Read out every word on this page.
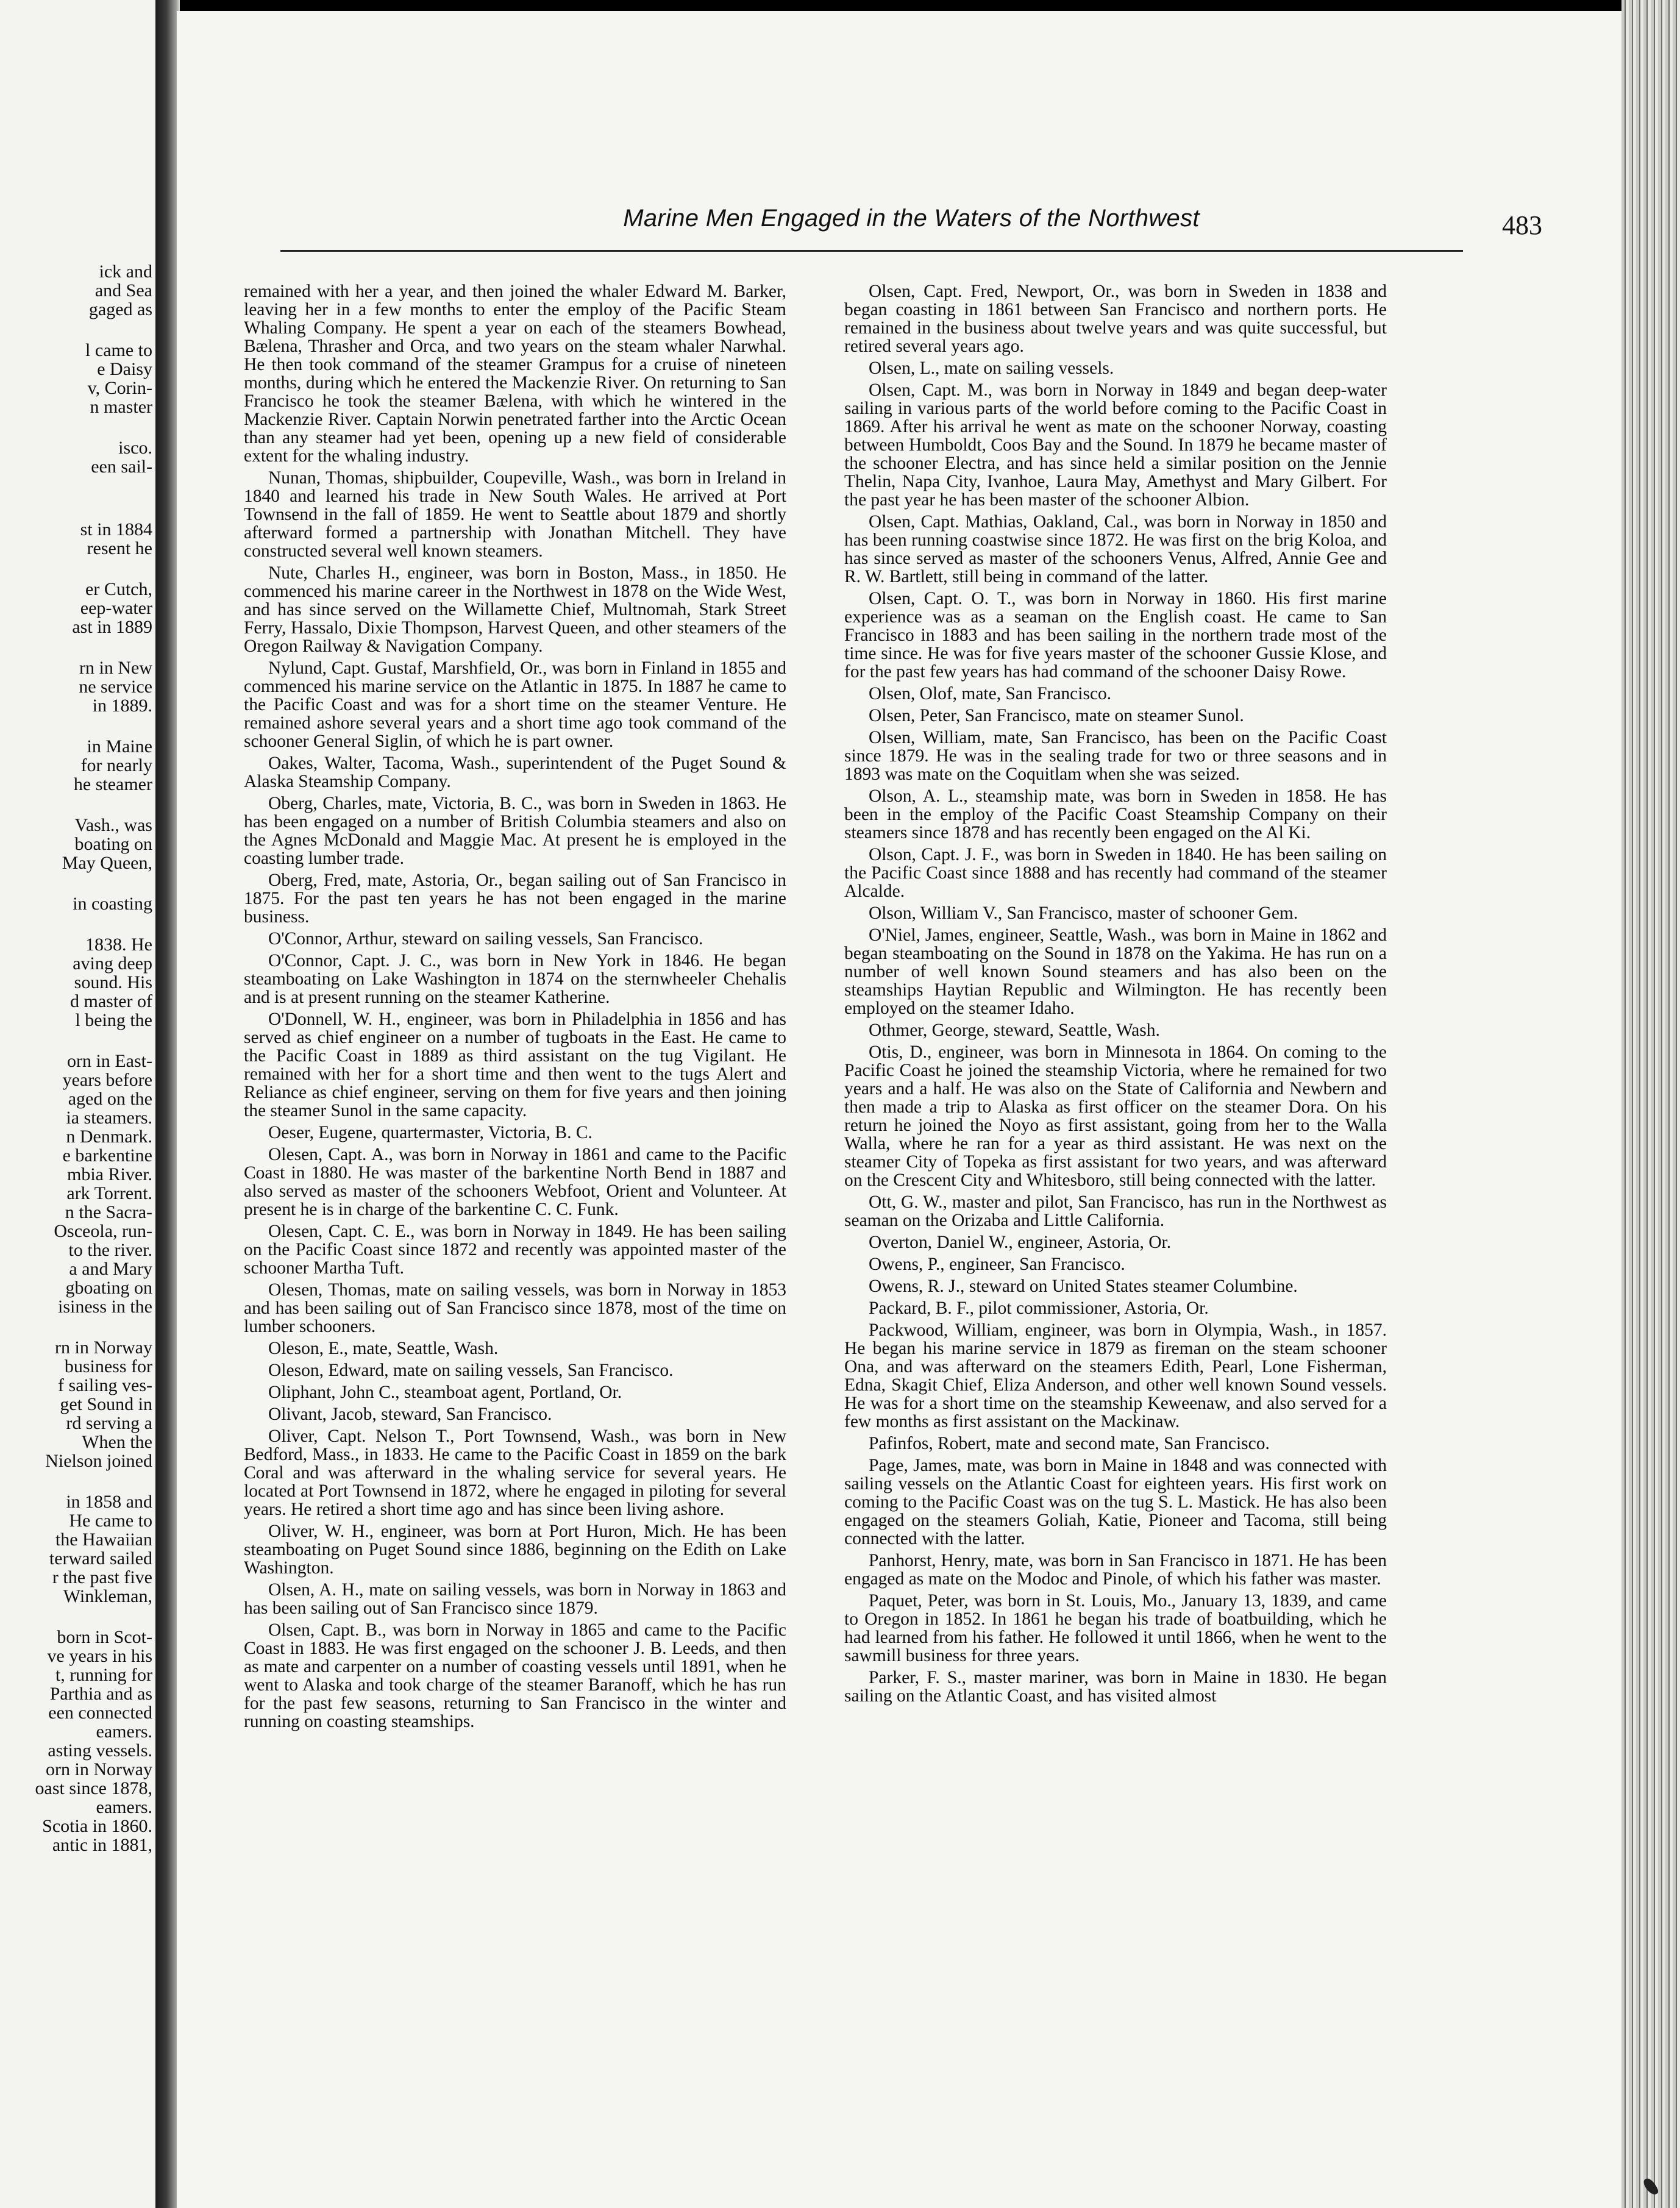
ick and
and Sea
gaged as
l came to
e Daisy
v, Corin-
n master
isco.
een sail-
st in 1884
resent he
er Cutch,
eep-water
ast in 1889
rn in New
ne service
in 1889.
in Maine
for nearly
he steamer
Vash., was
boating on
May Queen,
in coasting
1838. He
aving deep
sound. His
d master of
l being the
orn in East-
years before
aged on the
ia steamers.
n Denmark.
e barkentine
mbia River.
ark Torrent.
n the Sacra-
Osceola, run-
to the river.
a and Mary
gboating on
isiness in the
rn in Norway
business for
f sailing ves-
get Sound in
rd serving a
When the
Nielson joined
in 1858 and
He came to
the Hawaiian
terward sailed
r the past five
Winkleman,
born in Scot-
ve years in his
t, running for
Parthia and as
een connected
eamers.
asting vessels.
orn in Norway
oast since 1878,
eamers.
Scotia in 1860.
antic in 1881,
Marine Men Engaged in the Waters of the Northwest	483

remained with her a year, and then joined the whaler Edward M. Barker, leaving her in a few months to enter the employ of the Pacific Steam Whaling Company. He spent a year on each of the steamers Bowhead, Bælena, Thrasher and Orca, and two years on the steam whaler Narwhal. He then took command of the steamer Grampus for a cruise of nineteen months, during which he entered the Mackenzie River. On returning to San Francisco he took the steamer Bælena, with which he wintered in the Mackenzie River. Captain Norwin penetrated farther into the Arctic Ocean than any steamer had yet been, opening up a new field of considerable extent for the whaling industry.

Nunan, Thomas, shipbuilder, Coupeville, Wash., was born in Ireland in 1840 and learned his trade in New South Wales. He arrived at Port Townsend in the fall of 1859. He went to Seattle about 1879 and shortly afterward formed a partnership with Jonathan Mitchell. They have constructed several well known steamers.

Nute, Charles H., engineer, was born in Boston, Mass., in 1850. He commenced his marine career in the Northwest in 1878 on the Wide West, and has since served on the Willamette Chief, Multnomah, Stark Street Ferry, Hassalo, Dixie Thompson, Harvest Queen, and other steamers of the Oregon Railway & Navigation Company.

Nylund, Capt. Gustaf, Marshfield, Or., was born in Finland in 1855 and commenced his marine service on the Atlantic in 1875. In 1887 he came to the Pacific Coast and was for a short time on the steamer Venture. He remained ashore several years and a short time ago took command of the schooner General Siglin, of which he is part owner.

Oakes, Walter, Tacoma, Wash., superintendent of the Puget Sound & Alaska Steamship Company.

Oberg, Charles, mate, Victoria, B. C., was born in Sweden in 1863. He has been engaged on a number of British Columbia steamers and also on the Agnes McDonald and Maggie Mac. At present he is employed in the coasting lumber trade.

Oberg, Fred, mate, Astoria, Or., began sailing out of San Francisco in 1875. For the past ten years he has not been engaged in the marine business.

O'Connor, Arthur, steward on sailing vessels, San Francisco.

O'Connor, Capt. J. C., was born in New York in 1846. He began steamboating on Lake Washington in 1874 on the sternwheeler Chehalis and is at present running on the steamer Katherine.

O'Donnell, W. H., engineer, was born in Philadelphia in 1856 and has served as chief engineer on a number of tugboats in the East. He came to the Pacific Coast in 1889 as third assistant on the tug Vigilant. He remained with her for a short time and then went to the tugs Alert and Reliance as chief engineer, serving on them for five years and then joining the steamer Sunol in the same capacity.

Oeser, Eugene, quartermaster, Victoria, B. C.

Olesen, Capt. A., was born in Norway in 1861 and came to the Pacific Coast in 1880. He was master of the barkentine North Bend in 1887 and also served as master of the schooners Webfoot, Orient and Volunteer. At present he is in charge of the barkentine C. C. Funk.

Olesen, Capt. C. E., was born in Norway in 1849. He has been sailing on the Pacific Coast since 1872 and recently was appointed master of the schooner Martha Tuft.

Olesen, Thomas, mate on sailing vessels, was born in Norway in 1853 and has been sailing out of San Francisco since 1878, most of the time on lumber schooners.

Oleson, E., mate, Seattle, Wash.

Oleson, Edward, mate on sailing vessels, San Francisco.

Oliphant, John C., steamboat agent, Portland, Or.

Olivant, Jacob, steward, San Francisco.

Oliver, Capt. Nelson T., Port Townsend, Wash., was born in New Bedford, Mass., in 1833. He came to the Pacific Coast in 1859 on the bark Coral and was afterward in the whaling service for several years. He located at Port Townsend in 1872, where he engaged in piloting for several years. He retired a short time ago and has since been living ashore.

Oliver, W. H., engineer, was born at Port Huron, Mich. He has been steamboating on Puget Sound since 1886, beginning on the Edith on Lake Washington.

Olsen, A. H., mate on sailing vessels, was born in Norway in 1863 and has been sailing out of San Francisco since 1879.

Olsen, Capt. B., was born in Norway in 1865 and came to the Pacific Coast in 1883. He was first engaged on the schooner J. B. Leeds, and then as mate and carpenter on a number of coasting vessels until 1891, when he went to Alaska and took charge of the steamer Baranoff, which he has run for the past few seasons, returning to San Francisco in the winter and running on coasting steamships.

Olsen, Capt. Fred, Newport, Or., was born in Sweden in 1838 and began coasting in 1861 between San Francisco and northern ports. He remained in the business about twelve years and was quite successful, but retired several years ago.

Olsen, L., mate on sailing vessels.

Olsen, Capt. M., was born in Norway in 1849 and began deep-water sailing in various parts of the world before coming to the Pacific Coast in 1869. After his arrival he went as mate on the schooner Norway, coasting between Humboldt, Coos Bay and the Sound. In 1879 he became master of the schooner Electra, and has since held a similar position on the Jennie Thelin, Napa City, Ivanhoe, Laura May, Amethyst and Mary Gilbert. For the past year he has been master of the schooner Albion.

Olsen, Capt. Mathias, Oakland, Cal., was born in Norway in 1850 and has been running coastwise since 1872. He was first on the brig Koloa, and has since served as master of the schooners Venus, Alfred, Annie Gee and R. W. Bartlett, still being in command of the latter.

Olsen, Capt. O. T., was born in Norway in 1860. His first marine experience was as a seaman on the English coast. He came to San Francisco in 1883 and has been sailing in the northern trade most of the time since. He was for five years master of the schooner Gussie Klose, and for the past few years has had command of the schooner Daisy Rowe.

Olsen, Olof, mate, San Francisco.

Olsen, Peter, San Francisco, mate on steamer Sunol.

Olsen, William, mate, San Francisco, has been on the Pacific Coast since 1879. He was in the sealing trade for two or three seasons and in 1893 was mate on the Coquitlam when she was seized.

Olson, A. L., steamship mate, was born in Sweden in 1858. He has been in the employ of the Pacific Coast Steamship Company on their steamers since 1878 and has recently been engaged on the Al Ki.

Olson, Capt. J. F., was born in Sweden in 1840. He has been sailing on the Pacific Coast since 1888 and has recently had command of the steamer Alcalde.

Olson, William V., San Francisco, master of schooner Gem.

O'Niel, James, engineer, Seattle, Wash., was born in Maine in 1862 and began steamboating on the Sound in 1878 on the Yakima. He has run on a number of well known Sound steamers and has also been on the steamships Haytian Republic and Wilmington. He has recently been employed on the steamer Idaho.

Othmer, George, steward, Seattle, Wash.

Otis, D., engineer, was born in Minnesota in 1864. On coming to the Pacific Coast he joined the steamship Victoria, where he remained for two years and a half. He was also on the State of California and Newbern and then made a trip to Alaska as first officer on the steamer Dora. On his return he joined the Noyo as first assistant, going from her to the Walla Walla, where he ran for a year as third assistant. He was next on the steamer City of Topeka as first assistant for two years, and was afterward on the Crescent City and Whitesboro, still being connected with the latter.

Ott, G. W., master and pilot, San Francisco, has run in the Northwest as seaman on the Orizaba and Little California.

Overton, Daniel W., engineer, Astoria, Or.

Owens, P., engineer, San Francisco.

Owens, R. J., steward on United States steamer Columbine.

Packard, B. F., pilot commissioner, Astoria, Or.

Packwood, William, engineer, was born in Olympia, Wash., in 1857. He began his marine service in 1879 as fireman on the steam schooner Ona, and was afterward on the steamers Edith, Pearl, Lone Fisherman, Edna, Skagit Chief, Eliza Anderson, and other well known Sound vessels. He was for a short time on the steamship Keweenaw, and also served for a few months as first assistant on the Mackinaw.

Pafinfos, Robert, mate and second mate, San Francisco.

Page, James, mate, was born in Maine in 1848 and was connected with sailing vessels on the Atlantic Coast for eighteen years. His first work on coming to the Pacific Coast was on the tug S. L. Mastick. He has also been engaged on the steamers Goliah, Katie, Pioneer and Tacoma, still being connected with the latter.

Panhorst, Henry, mate, was born in San Francisco in 1871. He has been engaged as mate on the Modoc and Pinole, of which his father was master.

Paquet, Peter, was born in St. Louis, Mo., January 13, 1839, and came to Oregon in 1852. In 1861 he began his trade of boatbuilding, which he had learned from his father. He followed it until 1866, when he went to the sawmill business for three years.

Parker, F. S., master mariner, was born in Maine in 1830. He began sailing on the Atlantic Coast, and has visited almost
